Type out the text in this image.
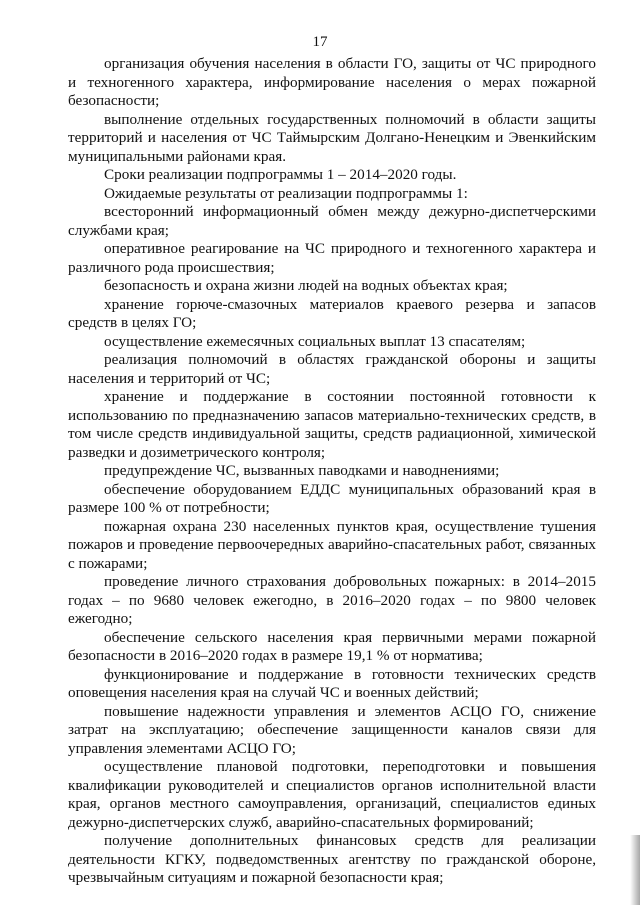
17

организация обучения населения в области ГО, защиты от ЧС природного и техногенного характера, информирование населения о мерах пожарной безопасности;

выполнение отдельных государственных полномочий в области защиты территорий и населения от ЧС Таймырским Долгано-Ненецким и Эвенкийским муниципальными районами края.

Сроки реализации подпрограммы 1 – 2014–2020 годы.

Ожидаемые результаты от реализации подпрограммы 1:

всесторонний информационный обмен между дежурно-диспетчерскими службами края;

оперативное реагирование на ЧС природного и техногенного характера и различного рода происшествия;

безопасность и охрана жизни людей на водных объектах края;

хранение горюче-смазочных материалов краевого резерва и запасов средств в целях ГО;

осуществление ежемесячных социальных выплат 13 спасателям;

реализация полномочий в областях гражданской обороны и защиты населения и территорий от ЧС;

хранение и поддержание в состоянии постоянной готовности к использованию по предназначению запасов материально-технических средств, в том числе средств индивидуальной защиты, средств радиационной, химической разведки и дозиметрического контроля;

предупреждение ЧС, вызванных паводками и наводнениями;

обеспечение оборудованием ЕДДС муниципальных образований края в размере 100 % от потребности;

пожарная охрана 230 населенных пунктов края, осуществление тушения пожаров и проведение первоочередных аварийно-спасательных работ, связанных с пожарами;

проведение личного страхования добровольных пожарных: в 2014–2015 годах – по 9680 человек ежегодно, в 2016–2020 годах – по 9800 человек ежегодно;

обеспечение сельского населения края первичными мерами пожарной безопасности в 2016–2020 годах в размере 19,1 % от норматива;

функционирование и поддержание в готовности технических средств оповещения населения края на случай ЧС и военных действий;

повышение надежности управления и элементов АСЦО ГО, снижение затрат на эксплуатацию; обеспечение защищенности каналов связи для управления элементами АСЦО ГО;

осуществление плановой подготовки, переподготовки и повышения квалификации руководителей и специалистов органов исполнительной власти края, органов местного самоуправления, организаций, специалистов единых дежурно-диспетчерских служб, аварийно-спасательных формирований;

получение дополнительных финансовых средств для реализации деятельности КГКУ, подведомственных агентству по гражданской обороне, чрезвычайным ситуациям и пожарной безопасности края;
